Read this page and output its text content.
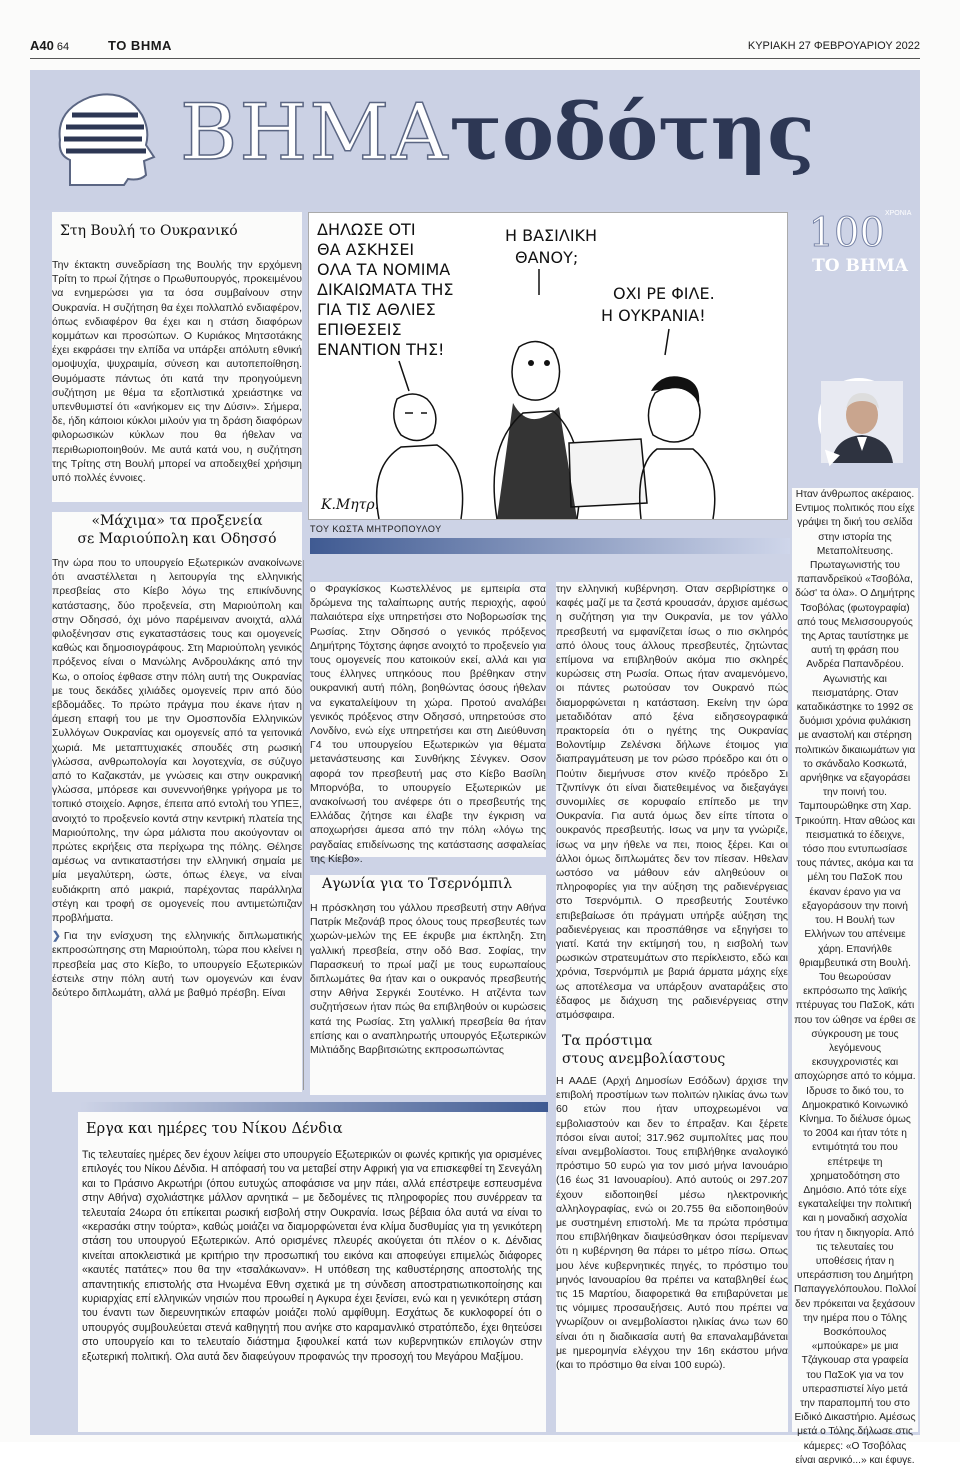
A40 64	ΤΟ ΒΗΜΑ	ΚΥΡΙΑΚΗ 27 ΦΕΒΡΟΥΑΡΙΟΥ 2022
ΒΗΜΑτοδότης
Στη Βουλή το Ουκρανικό
Την έκτακτη συνεδρίαση της Βουλής την ερχόμενη Τρίτη το πρωί ζήτησε ο Πρωθυπουργός, προκειμένου να ενημερώσει για τα όσα συμβαίνουν στην Ουκρανία. Η συζήτηση θα έχει πολλαπλό ενδιαφέρον, όπως ενδιαφέρον θα έχει και η στάση διαφόρων κομμάτων και προσώπων. Ο Κυριάκος Μητσοτάκης έχει εκφράσει την ελπίδα να υπάρξει απόλυτη εθνική ομοψυχία, ψυχραιμία, σύνεση και αυτοπεποίθηση. Θυμόμαστε πάντως ότι κατά την προηγούμενη συζήτηση με θέμα τα εξοπλιστικά χρειάστηκε να υπενθυμιστεί ότι «ανήκομεν εις την Δύσιν». Σήμερα, δε, ήδη κάποιοι κύκλοι μιλούν για τη δράση διαφόρων φιλορωσικών κύκλων που θα ήθελαν να περιθωριοποιηθούν. Με αυτά κατά νου, η συζήτηση της Τρίτης στη Βουλή μπορεί να αποδειχθεί χρήσιμη υπό πολλές έννοιες.
«Μάχιμα» τα προξενεία
σε Μαριούπολη και Οδησσό
Την ώρα που το υπουργείο Εξωτερικών ανακοίνωνε ότι αναστέλλεται η λειτουργία της ελληνικής πρεσβείας στο Κίεβο λόγω της επικίνδυνης κατάστασης, δύο προξενεία, στη Μαριούπολη και στην Οδησσό, όχι μόνο παρέμειναν ανοιχτά, αλλά φιλοξένησαν στις εγκαταστάσεις τους και ομογενείς καθώς και δημοσιογράφους. Στη Μαριούπολη γενικός πρόξενος είναι ο Μανώλης Ανδρουλάκης από την Κω, ο οποίος έφθασε στην πόλη αυτή της Ουκρανίας με τους δεκάδες χιλιάδες ομογενείς πριν από δύο εβδομάδες. Το πρώτο πράγμα που έκανε ήταν η άμεση επαφή του με την Ομοσπονδία Ελληνικών Συλλόγων Ουκρανίας και ομογενείς από τα γειτονικά χωριά. Με μεταπτυχιακές σπουδές στη ρωσική γλώσσα, ανθρωπολογία και λογοτεχνία, σε σύζυγο από το Καζακστάν, με γνώσεις και στην ουκρανική γλώσσα, μπόρεσε και συνεννοήθηκε γρήγορα με το τοπικό στοιχείο. Αφησε, έπειτα από εντολή του ΥΠΕΞ, ανοιχτό το προξενείο κοντά στην κεντρική πλατεία της Μαριούπολης, την ώρα μάλιστα που ακούγονταν οι πρώτες εκρήξεις στα περίχωρα της πόλης. Θέλησε αμέσως να αντικαταστήσει την ελληνική σημαία με μία μεγαλύτερη, ώστε, όπως έλεγε, να είναι ευδιάκριτη από μακριά, παρέχοντας παράλληλα στέγη και τροφή σε ομογενείς που αντιμετώπιζαν προβλήματα.
❯ Για την ενίσχυση της ελληνικής διπλωματικής εκπροσώπησης στη Μαριούπολη, τώρα που κλείνει η πρεσβεία μας στο Κίεβο, το υπουργείο Εξωτερικών έστειλε στην πόλη αυτή των ομογενών και έναν δεύτερο διπλωμάτη, αλλά με βαθμό πρέσβη. Είναι
ΔΗΛΩΣΕ ΟΤΙ
ΘΑ ΑΣΚΗΣΕΙ
ΟΛΑ ΤΑ ΝΟΜΙΜΑ
ΔΙΚΑΙΩΜΑΤΑ ΤΗΣ
ΓΙΑ ΤΙΣ ΑΘΛΙΕΣ
ΕΠΙΘΕΣΕΙΣ
ΕΝΑΝΤΙΟΝ ΤΗΣ!
Η ΒΑΣΙΛΙΚΗ
ΘΑΝΟΥ;
ΟΧΙ ΡΕ ΦΙΛΕ.
Η ΟΥΚΡΑΝΙΑ!
Κ.Μητρ.
ΤΟΥ ΚΩΣΤΑ ΜΗΤΡΟΠΟΥΛΟΥ
ο Φραγκίσκος Κωστελλένος με εμπειρία στα δρώμενα της ταλαίπωρης αυτής περιοχής, αφού παλαιότερα είχε υπηρετήσει στο Νοβορωσίσκ της Ρωσίας. Στην Οδησσό ο γενικός πρόξενος Δημήτρης Τόχτσης άφησε ανοιχτό το προξενείο για τους ομογενείς που κατοικούν εκεί, αλλά και για τους έλληνες υπηκόους που βρέθηκαν στην ουκρανική αυτή πόλη, βοηθώντας όσους ήθελαν να εγκαταλείψουν τη χώρα. Προτού αναλάβει γενικός πρόξενος στην Οδησσό, υπηρετούσε στο Λονδίνο, ενώ είχε υπηρετήσει και στη Διεύθυνση Γ4 του υπουργείου Εξωτερικών για θέματα μετανάστευσης και Συνθήκης Σένγκεν. Οσον αφορά τον πρεσβευτή μας στο Κίεβο Βασίλη Μπορνόβα, το υπουργείο Εξωτερικών με ανακοίνωσή του ανέφερε ότι ο πρεσβευτής της Ελλάδας ζήτησε και έλαβε την έγκριση να αποχωρήσει άμεσα από την πόλη «λόγω της ραγδαίας επιδείνωσης της κατάστασης ασφαλείας της Κίεβο».
Αγωνία για το Τσερνόμπιλ
Η πρόσκληση του γάλλου πρεσβευτή στην Αθήνα Πατρίκ Μεζονάβ προς όλους τους πρεσβευτές των χωρών-μελών της ΕΕ έκρυβε μια έκπληξη. Στη γαλλική πρεσβεία, στην οδό Βασ. Σοφίας, την Παρασκευή το πρωί μαζί με τους ευρωπαίους διπλωμάτες θα ήταν και ο ουκρανός πρεσβευτής στην Αθήνα Σεργκέι Σουτένκο. Η ατζέντα των συζητήσεων ήταν πώς θα επιβληθούν οι κυρώσεις κατά της Ρωσίας. Στη γαλλική πρεσβεία θα ήταν επίσης και ο αναπληρωτής υπουργός Εξωτερικών Μιλτιάδης Βαρβιτσιώτης εκπροσωπώντας
την ελληνική κυβέρνηση. Οταν σερβιρίστηκε ο καφές μαζί με τα ζεστά κρουασάν, άρχισε αμέσως η συζήτηση για την Ουκρανία, με τον γάλλο πρεσβευτή να εμφανίζεται ίσως ο πιο σκληρός από όλους τους άλλους πρεσβευτές, ζητώντας επίμονα να επιβληθούν ακόμα πιο σκληρές κυρώσεις στη Ρωσία. Οπως ήταν αναμενόμενο, οι πάντες ρωτούσαν τον Ουκρανό πώς διαμορφώνεται η κατάσταση. Εκείνη την ώρα μεταδιδόταν από ξένα ειδησεογραφικά πρακτορεία ότι ο ηγέτης της Ουκρανίας Βολοντίμιρ Ζελένσκι δήλωνε έτοιμος για διαπραγμάτευση με τον ρώσο πρόεδρο και ότι ο Πούτιν διεμήνυσε στον κινέζο πρόεδρο Σι Τζινπίνγκ ότι είναι διατεθειμένος να διεξαγάγει συνομιλίες σε κορυφαίο επίπεδο με την Ουκρανία. Για αυτά όμως δεν είπε τίποτα ο ουκρανός πρεσβευτής. Ισως να μην τα γνώριζε, ίσως να μην ήθελε να πει, ποιος ξέρει. Και οι άλλοι όμως διπλωμάτες δεν τον πίεσαν. Ηθελαν ωστόσο να μάθουν εάν αληθεύουν οι πληροφορίες για την αύξηση της ραδιενέργειας στο Τσερνόμπιλ. Ο πρεσβευτής Σουτένκο επιβεβαίωσε ότι πράγματι υπήρξε αύξηση της ραδιενέργειας και προσπάθησε να εξηγήσει το γιατί. Κατά την εκτίμησή του, η εισβολή των ρωσικών στρατευμάτων στο περίκλειστο, εδώ και χρόνια, Τσερνόμπιλ με βαριά άρματα μάχης είχε ως αποτέλεσμα να υπάρξουν αναταράξεις στο έδαφος με διάχυση της ραδιενέργειας στην ατμόσφαιρα.
Τα πρόστιμα
στους ανεμβολίαστους
Η ΑΑΔΕ (Αρχή Δημοσίων Εσόδων) άρχισε την επιβολή προστίμων των πολιτών ηλικίας άνω των 60 ετών που ήταν υποχρεωμένοι να εμβολιαστούν και δεν το έπραξαν. Και ξέρετε πόσοι είναι αυτοί; 317.962 συμπολίτες μας που είναι ανεμβολίαστοι. Τους επιβλήθηκε αναλογικό πρόστιμο 50 ευρώ για τον μισό μήνα Ιανουάριο (16 έως 31 Ιανουαρίου). Από αυτούς οι 297.207 έχουν ειδοποιηθεί μέσω ηλεκτρονικής αλληλογραφίας, ενώ οι 20.755 θα ειδοποιηθούν με συστημένη επιστολή. Με τα πρώτα πρόστιμα που επιβλήθηκαν διαψεύσθηκαν όσοι περίμεναν ότι η κυβέρνηση θα πάρει το μέτρο πίσω. Οπως μου λένε κυβερνητικές πηγές, το πρόστιμο του μηνός Ιανουαρίου θα πρέπει να καταβληθεί έως τις 15 Μαρτίου, διαφορετικά θα επιβαρύνεται με τις νόμιμες προσαυξήσεις. Αυτό που πρέπει να γνωρίζουν οι ανεμβολίαστοι ηλικίας άνω των 60 είναι ότι η διαδικασία αυτή θα επαναλαμβάνεται με ημερομηνία ελέγχου την 16η εκάστου μήνα (και το πρόστιμο θα είναι 100 ευρώ).
Εργα και ημέρες του Νίκου Δένδια
Τις τελευταίες ημέρες δεν έχουν λείψει στο υπουργείο Εξωτερικών οι φωνές κριτικής για ορισμένες επιλογές του Νίκου Δένδια. Η απόφασή του να μεταβεί στην Αφρική για να επισκεφθεί τη Σενεγάλη και το Πράσινο Ακρωτήρι (όπου ευτυχώς αποφάσισε να μην πάει, αλλά επέστρεψε εσπευσμένα στην Αθήνα) σχολιάστηκε μάλλον αρνητικά – με δεδομένες τις πληροφορίες που συνέρρεαν τα τελευταία 24ωρα ότι επίκειται ρωσική εισβολή στην Ουκρανία. Ισως βέβαια όλα αυτά να είναι το «κερασάκι στην τούρτα», καθώς μοιάζει να διαμορφώνεται ένα κλίμα δυσθυμίας για τη γενικότερη στάση του υπουργού Εξωτερικών. Από ορισμένες πλευρές ακούγεται ότι πλέον ο κ. Δένδιας κινείται αποκλειστικά με κριτήριο την προσωπική του εικόνα και αποφεύγει επιμελώς διάφορες «καυτές πατάτες» που θα την «τσαλάκωναν». Η υπόθεση της καθυστέρησης αποστολής της απαντητικής επιστολής στα Ηνωμένα Εθνη σχετικά με τη σύνδεση αποστρατιωτικοποίησης και κυριαρχίας επί ελληνικών νησιών που προωθεί η Αγκυρα έχει ξενίσει, ενώ και η γενικότερη στάση του έναντι των διερευνητικών επαφών μοιάζει πολύ αμφίθυμη. Εσχάτως δε κυκλοφορεί ότι ο υπουργός συμβουλεύεται στενά καθηγητή που ανήκε στο καραμανλικό στρατόπεδο, έχει θητεύσει στο υπουργείο και το τελευταίο διάστημα ξιφουλκεί κατά των κυβερνητικών επιλογών στην εξωτερική πολιτική. Ολα αυτά δεν διαφεύγουν προφανώς την προσοχή του Μεγάρου Μαξίμου.
$100^{XPONIA}$
ΤΟ ΒΗΜΑ
Ηταν άνθρωπος ακέραιος. Εντιμος πολιτικός που είχε γράψει τη δική του σελίδα στην ιστορία της Μεταπολίτευσης. Πρωταγωνιστής του παπανδρεϊκού «Τσοβόλα, δώσ' τα όλα». Ο Δημήτρης Τσοβόλας (φωτογραφία) από τους Μελισσουργούς της Αρτας ταυτίστηκε με αυτή τη φράση που Ανδρέα Παπανδρέου. Αγωνιστής και πεισματάρης. Οταν καταδικάστηκε το 1992 σε δυόμισι χρόνια φυλάκιση με αναστολή και στέρηση πολιτικών δικαιωμάτων για το σκάνδαλο Κοσκωτά, αρνήθηκε να εξαγοράσει την ποινή του. Ταμπουρώθηκε στη Χαρ. Τρικούπη. Ηταν αθώος και πεισματικά το έδειχνε, τόσο που εντυπωσίασε τους πάντες, ακόμα και τα μέλη του ΠαΣοΚ που έκαναν έρανο για να εξαγοράσουν την ποινή του. Η Βουλή των Ελλήνων του απένειμε χάρη. Επανήλθε θριαμβευτικά στη Βουλή. Του θεωρούσαν εκπρόσωπο της λαϊκής πτέρυγας του ΠαΣοΚ, κάτι που τον ώθησε να έρθει σε σύγκρουση με τους λεγόμενους εκσυγχρονιστές και αποχώρησε από το κόμμα. Ιδρυσε το δικό του, το Δημοκρατικό Κοινωνικό Κίνημα. Το διέλυσε όμως το 2004 και ήταν τότε η εντιμότητά του που επέτρεψε τη χρηματοδότηση στο Δημόσιο. Από τότε είχε εγκαταλείψει την πολιτική και η μοναδική ασχολία του ήταν η δικηγορία. Από τις τελευταίες του υποθέσεις ήταν η υπεράσπιση του Δημήτρη Παπαγγελόπουλου. Πολλοί δεν πρόκειται να ξεχάσουν την ημέρα που ο Τόλης Βοσκόπουλος «μπούκαρε» με μια Τζάγκουαρ στα γραφεία του ΠαΣοΚ για να τον υπερασπιστεί λίγο μετά την παραπομπή του στο Ειδικό Δικαστήριο. Αμέσως μετά ο Τόλης δήλωσε στις κάμερες: «Ο Τσοβόλας είναι αερνικό...» και έφυγε.
